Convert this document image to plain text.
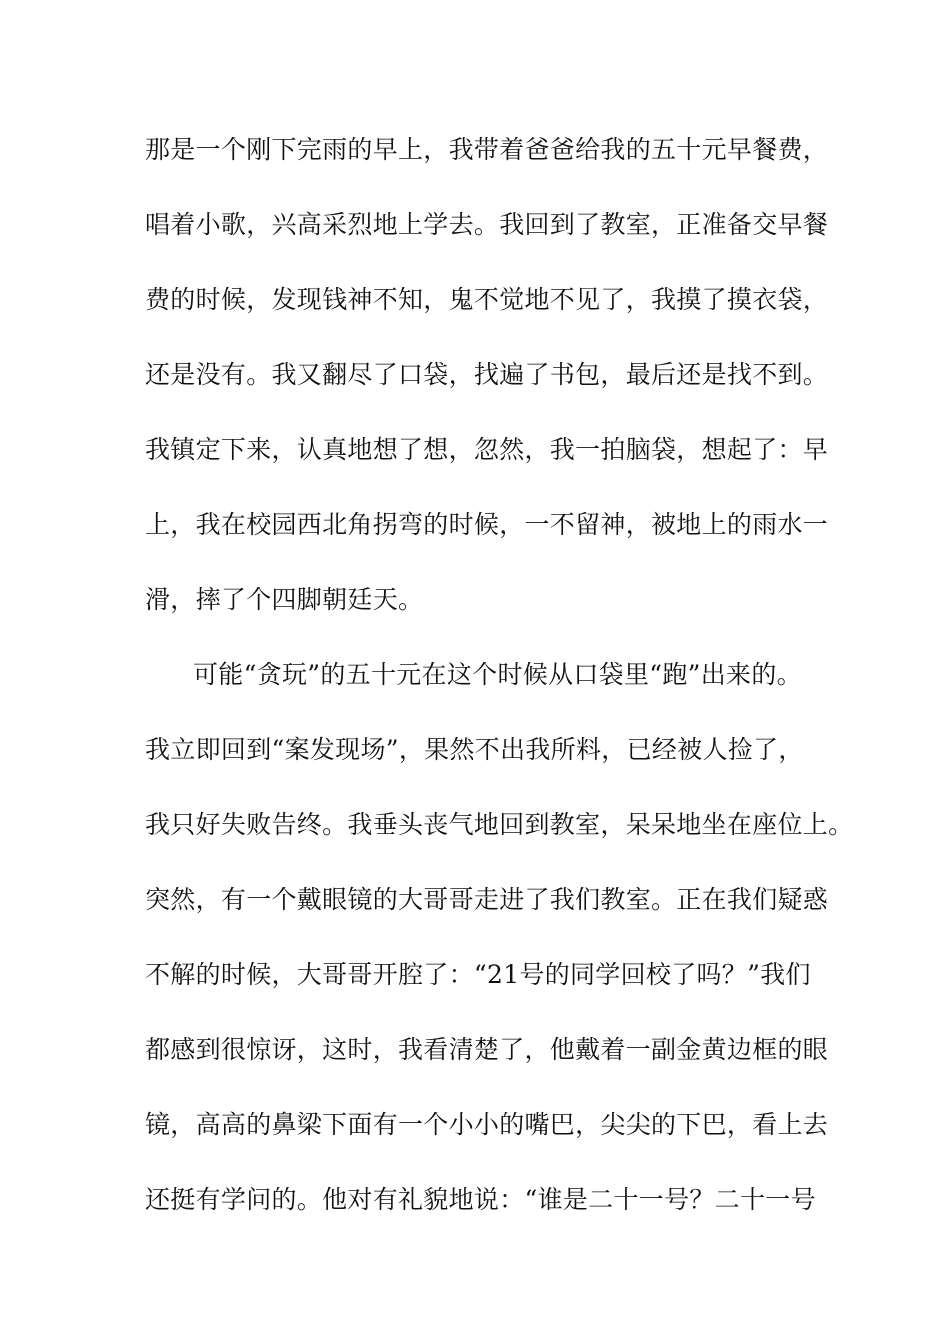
那是一个刚下完雨的早上，我带着爸爸给我的五十元早餐费，
唱着小歌，兴高采烈地上学去。我回到了教室，正准备交早餐
费的时候，发现钱神不知，鬼不觉地不见了，我摸了摸衣袋，
还是没有。我又翻尽了口袋，找遍了书包，最后还是找不到。
我镇定下来，认真地想了想，忽然，我一拍脑袋，想起了：早
上，我在校园西北角拐弯的时候，一不留神，被地上的雨水一
滑，摔了个四脚朝廷天。
可能“贪玩”的五十元在这个时候从口袋里“跑”出来的。
我立即回到“案发现场”，果然不出我所料，已经被人捡了，
我只好失败告终。我垂头丧气地回到教室，呆呆地坐在座位上。
突然，有一个戴眼镜的大哥哥走进了我们教室。正在我们疑惑
不解的时候，大哥哥开腔了：“21号的同学回校了吗？”我们
都感到很惊讶，这时，我看清楚了，他戴着一副金黄边框的眼
镜，高高的鼻梁下面有一个小小的嘴巴，尖尖的下巴，看上去
还挺有学问的。他对有礼貌地说：“谁是二十一号？二十一号
